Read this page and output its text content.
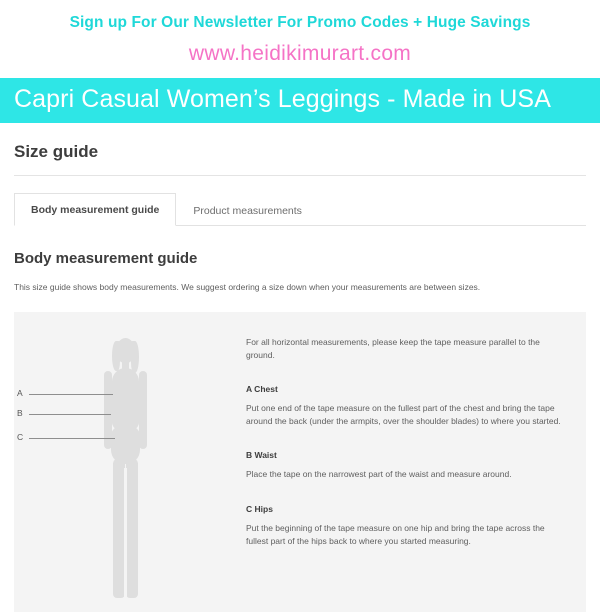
Sign up For Our Newsletter For Promo Codes + Huge Savings
www.heidikimurart.com
Capri Casual Women’s Leggings - Made in USA
Size guide
Body measurement guide	Product measurements
Body measurement guide
This size guide shows body measurements. We suggest ordering a size down when your measurements are between sizes.
A
B
C

For all horizontal measurements, please keep the tape measure parallel to the ground.

A Chest

Put one end of the tape measure on the fullest part of the chest and bring the tape around the back (under the armpits, over the shoulder blades) to where you started.

B Waist

Place the tape on the narrowest part of the waist and measure around.

C Hips

Put the beginning of the tape measure on one hip and bring the tape across the fullest part of the hips back to where you started measuring.
